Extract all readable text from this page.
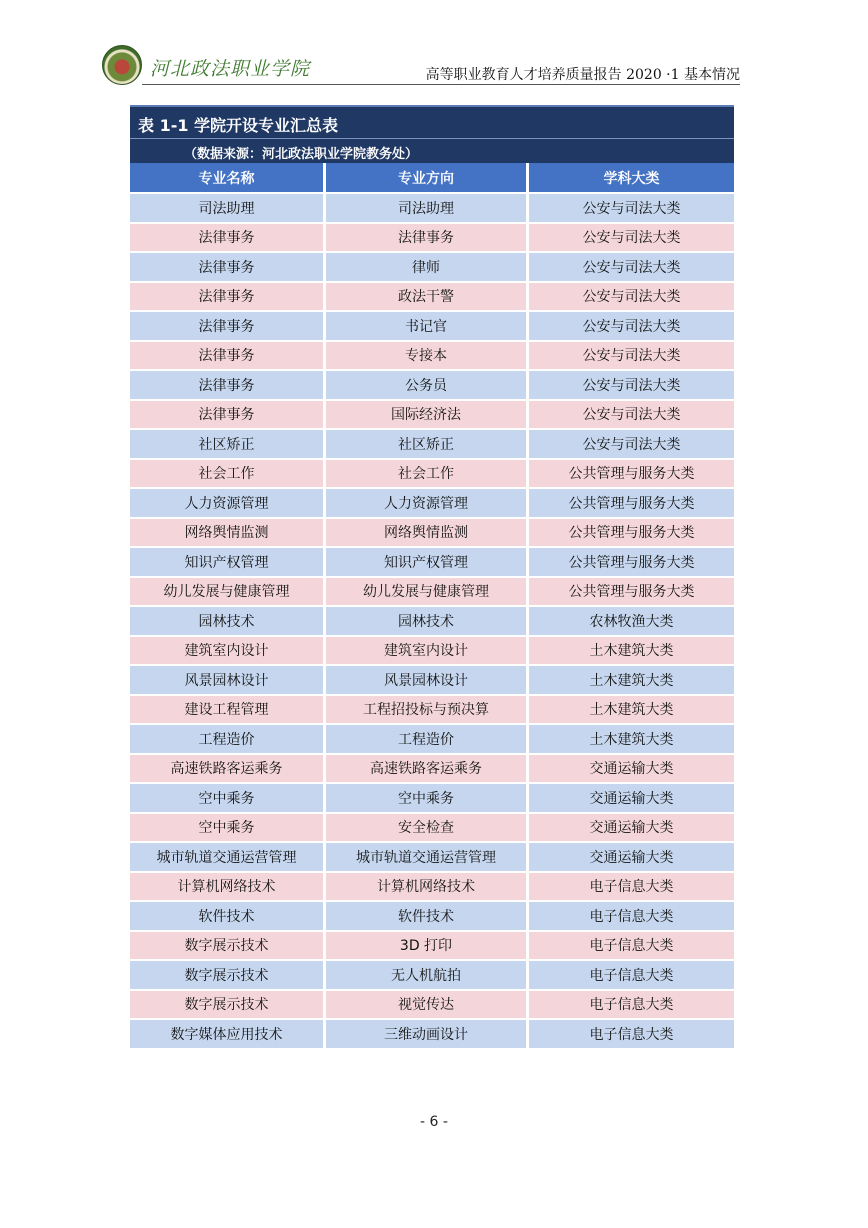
河北政法职业学院	高等职业教育人才培养质量报告 2020 ·1 基本情况
表 1-1 学院开设专业汇总表
（数据来源：河北政法职业学院教务处）
专业名称	专业方向	学科大类
司法助理	司法助理	公安与司法大类
法律事务	法律事务	公安与司法大类
法律事务	律师	公安与司法大类
法律事务	政法干警	公安与司法大类
法律事务	书记官	公安与司法大类
法律事务	专接本	公安与司法大类
法律事务	公务员	公安与司法大类
法律事务	国际经济法	公安与司法大类
社区矫正	社区矫正	公安与司法大类
社会工作	社会工作	公共管理与服务大类
人力资源管理	人力资源管理	公共管理与服务大类
网络舆情监测	网络舆情监测	公共管理与服务大类
知识产权管理	知识产权管理	公共管理与服务大类
幼儿发展与健康管理	幼儿发展与健康管理	公共管理与服务大类
园林技术	园林技术	农林牧渔大类
建筑室内设计	建筑室内设计	土木建筑大类
风景园林设计	风景园林设计	土木建筑大类
建设工程管理	工程招投标与预决算	土木建筑大类
工程造价	工程造价	土木建筑大类
高速铁路客运乘务	高速铁路客运乘务	交通运输大类
空中乘务	空中乘务	交通运输大类
空中乘务	安全检查	交通运输大类
城市轨道交通运营管理	城市轨道交通运营管理	交通运输大类
计算机网络技术	计算机网络技术	电子信息大类
软件技术	软件技术	电子信息大类
数字展示技术	3D 打印	电子信息大类
数字展示技术	无人机航拍	电子信息大类
数字展示技术	视觉传达	电子信息大类
数字媒体应用技术	三维动画设计	电子信息大类
- 6 -
